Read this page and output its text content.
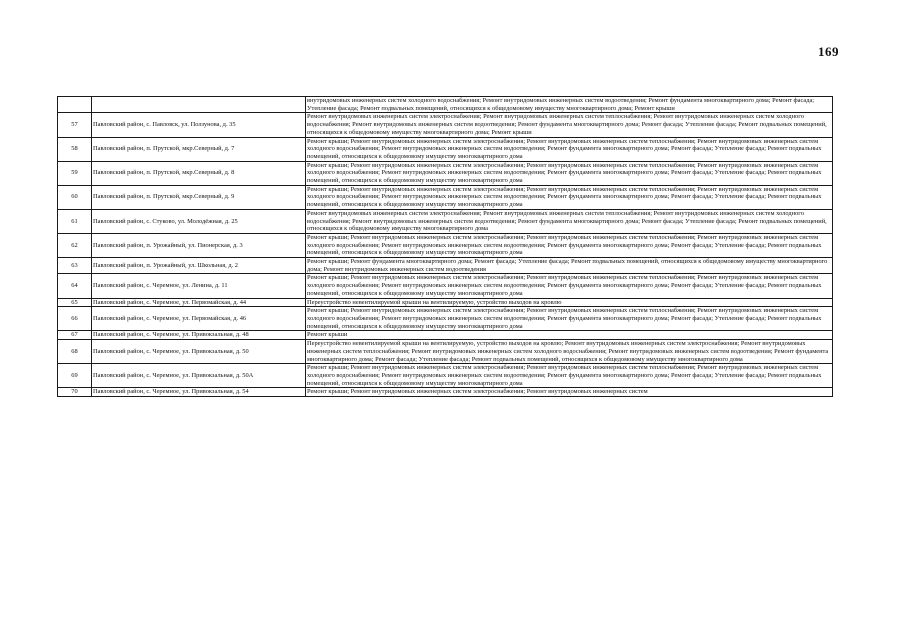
169
		внутридомовых инженерных систем холодного водоснабжения; Ремонт внутридомовых инженерных систем водоотведения; Ремонт фундамента многоквартирного дома; Ремонт фасада; Утепление фасада; Ремонт подвальных помещений, относящихся к общедомовому имуществу многоквартирного дома; Ремонт крыши
57	Павловский район, с. Павловск, ул. Ползунова, д. 35	Ремонт внутридомовых инженерных систем электроснабжения; Ремонт внутридомовых инженерных систем теплоснабжения; Ремонт внутридомовых инженерных систем холодного водоснабжения; Ремонт внутридомовых инженерных систем водоотведения; Ремонт фундамента многоквартирного дома; Ремонт фасада; Утепление фасада; Ремонт подвальных помещений, относящихся к общедомовому имуществу многоквартирного дома; Ремонт крыши
58	Павловский район, п. Прутской, мкр.Северный, д. 7	Ремонт крыши; Ремонт внутридомовых инженерных систем электроснабжения; Ремонт внутридомовых инженерных систем теплоснабжения; Ремонт внутридомовых инженерных систем холодного водоснабжения; Ремонт внутридомовых инженерных систем водоотведения; Ремонт фундамента многоквартирного дома; Ремонт фасада; Утепление фасада; Ремонт подвальных помещений, относящихся к общедомовому имуществу многоквартирного дома
59	Павловский район, п. Прутской, мкр.Северный, д. 8	Ремонт крыши; Ремонт внутридомовых инженерных систем электроснабжения; Ремонт внутридомовых инженерных систем теплоснабжения; Ремонт внутридомовых инженерных систем холодного водоснабжения; Ремонт внутридомовых инженерных систем водоотведения; Ремонт фундамента многоквартирного дома; Ремонт фасада; Утепление фасада; Ремонт подвальных помещений, относящихся к общедомовому имуществу многоквартирного дома
60	Павловский район, п. Прутской, мкр.Северный, д. 9	Ремонт крыши; Ремонт внутридомовых инженерных систем электроснабжения; Ремонт внутридомовых инженерных систем теплоснабжения; Ремонт внутридомовых инженерных систем холодного водоснабжения; Ремонт внутридомовых инженерных систем водоотведения; Ремонт фундамента многоквартирного дома; Ремонт фасада; Утепление фасада; Ремонт подвальных помещений, относящихся к общедомовому имуществу многоквартирного дома
61	Павловский район, с. Стуково, ул. Молодёжная, д. 25	Ремонт внутридомовых инженерных систем электроснабжения; Ремонт внутридомовых инженерных систем теплоснабжения; Ремонт внутридомовых инженерных систем холодного водоснабжения; Ремонт внутридомовых инженерных систем водоотведения; Ремонт фундамента многоквартирного дома; Ремонт фасада; Утепление фасада; Ремонт подвальных помещений, относящихся к общедомовому имуществу многоквартирного дома
62	Павловский район, п. Урожайный, ул. Пионерская, д. 3	Ремонт крыши; Ремонт внутридомовых инженерных систем электроснабжения; Ремонт внутридомовых инженерных систем теплоснабжения; Ремонт внутридомовых инженерных систем холодного водоснабжения; Ремонт внутридомовых инженерных систем водоотведения; Ремонт фундамента многоквартирного дома; Ремонт фасада; Утепление фасада; Ремонт подвальных помещений, относящихся к общедомовому имуществу многоквартирного дома
63	Павловский район, п. Урожайный, ул. Школьная, д. 2	Ремонт крыши; Ремонт фундамента многоквартирного дома; Ремонт фасада; Утепление фасада; Ремонт подвальных помещений, относящихся к общедомовому имуществу многоквартирного дома; Ремонт внутридомовых инженерных систем водоотведения
64	Павловский район, с. Черемное, ул. Ленина, д. 11	Ремонт крыши; Ремонт внутридомовых инженерных систем электроснабжения; Ремонт внутридомовых инженерных систем теплоснабжения; Ремонт внутридомовых инженерных систем холодного водоснабжения; Ремонт внутридомовых инженерных систем водоотведения; Ремонт фундамента многоквартирного дома; Ремонт фасада; Утепление фасада; Ремонт подвальных помещений, относящихся к общедомовому имуществу многоквартирного дома
65	Павловский район, с. Черемное, ул. Первомайская, д. 44	Переустройство невентилируемой крыши на вентилируемую, устройство выходов на кровлю
66	Павловский район, с. Черемное, ул. Первомайская, д. 46	Ремонт крыши; Ремонт внутридомовых инженерных систем электроснабжения; Ремонт внутридомовых инженерных систем теплоснабжения; Ремонт внутридомовых инженерных систем холодного водоснабжения; Ремонт внутридомовых инженерных систем водоотведения; Ремонт фундамента многоквартирного дома; Ремонт фасада; Утепление фасада; Ремонт подвальных помещений, относящихся к общедомовому имуществу многоквартирного дома
67	Павловский район, с. Черемное, ул. Привокзальная, д. 48	Ремонт крыши
68	Павловский район, с. Черемное, ул. Привокзальная, д. 50	Переустройство невентилируемой крыши на вентилируемую, устройство выходов на кровлю; Ремонт внутридомовых инженерных систем электроснабжения; Ремонт внутридомовых инженерных систем теплоснабжения; Ремонт внутридомовых инженерных систем холодного водоснабжения; Ремонт внутридомовых инженерных систем водоотведения; Ремонт фундамента многоквартирного дома; Ремонт фасада; Утепление фасада; Ремонт подвальных помещений, относящихся к общедомовому имуществу многоквартирного дома
69	Павловский район, с. Черемное, ул. Привокзальная, д. 50А	Ремонт крыши; Ремонт внутридомовых инженерных систем электроснабжения; Ремонт внутридомовых инженерных систем теплоснабжения; Ремонт внутридомовых инженерных систем холодного водоснабжения; Ремонт внутридомовых инженерных систем водоотведения; Ремонт фундамента многоквартирного дома; Ремонт фасада; Утепление фасада; Ремонт подвальных помещений, относящихся к общедомовому имуществу многоквартирного дома
70	Павловский район, с. Черемное, ул. Привокзальная, д. 54	Ремонт крыши; Ремонт внутридомовых инженерных систем электроснабжения; Ремонт внутридомовых инженерных систем
